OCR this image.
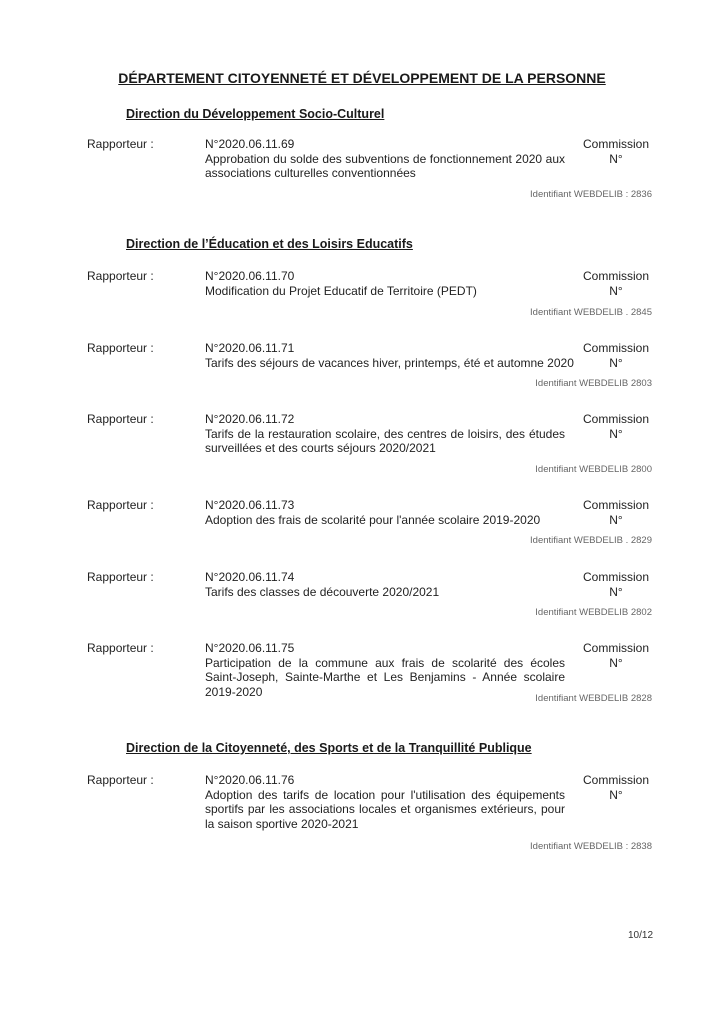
DÉPARTEMENT CITOYENNETÉ ET DÉVELOPPEMENT DE LA PERSONNE
Direction du Développement Socio-Culturel
Rapporteur :	N°2020.06.11.69
Approbation du solde des subventions de fonctionnement 2020 aux associations culturelles conventionnées
Commission
N°
Identifiant WEBDELIB : 2836
Direction de l’Éducation et des Loisirs Educatifs
Rapporteur :	N°2020.06.11.70
Modification du Projet Educatif de Territoire (PEDT)
Commission
N°
Identifiant WEBDELIB . 2845
Rapporteur :	N°2020.06.11.71
Tarifs des séjours de vacances hiver, printemps, été et automne 2020
Commission
N°
Identifiant WEBDELIB 2803
Rapporteur :	N°2020.06.11.72
Tarifs de la restauration scolaire, des centres de loisirs, des études surveillées et des courts séjours 2020/2021
Commission
N°
Identifiant WEBDELIB 2800
Rapporteur :	N°2020.06.11.73
Adoption des frais de scolarité pour l'année scolaire 2019-2020
Commission
N°
Identifiant WEBDELIB . 2829
Rapporteur :	N°2020.06.11.74
Tarifs des classes de découverte 2020/2021
Commission
N°
Identifiant WEBDELIB 2802
Rapporteur :	N°2020.06.11.75
Participation de la commune aux frais de scolarité des écoles Saint-Joseph, Sainte-Marthe et Les Benjamins - Année scolaire 2019-2020
Commission
N°
Identifiant WEBDELIB 2828
Direction de la Citoyenneté, des Sports et de la Tranquillité Publique
Rapporteur :	N°2020.06.11.76
Adoption des tarifs de location pour l'utilisation des équipements sportifs par les associations locales et organismes extérieurs, pour la saison sportive 2020-2021
Commission
N°
Identifiant WEBDELIB : 2838
10/12
